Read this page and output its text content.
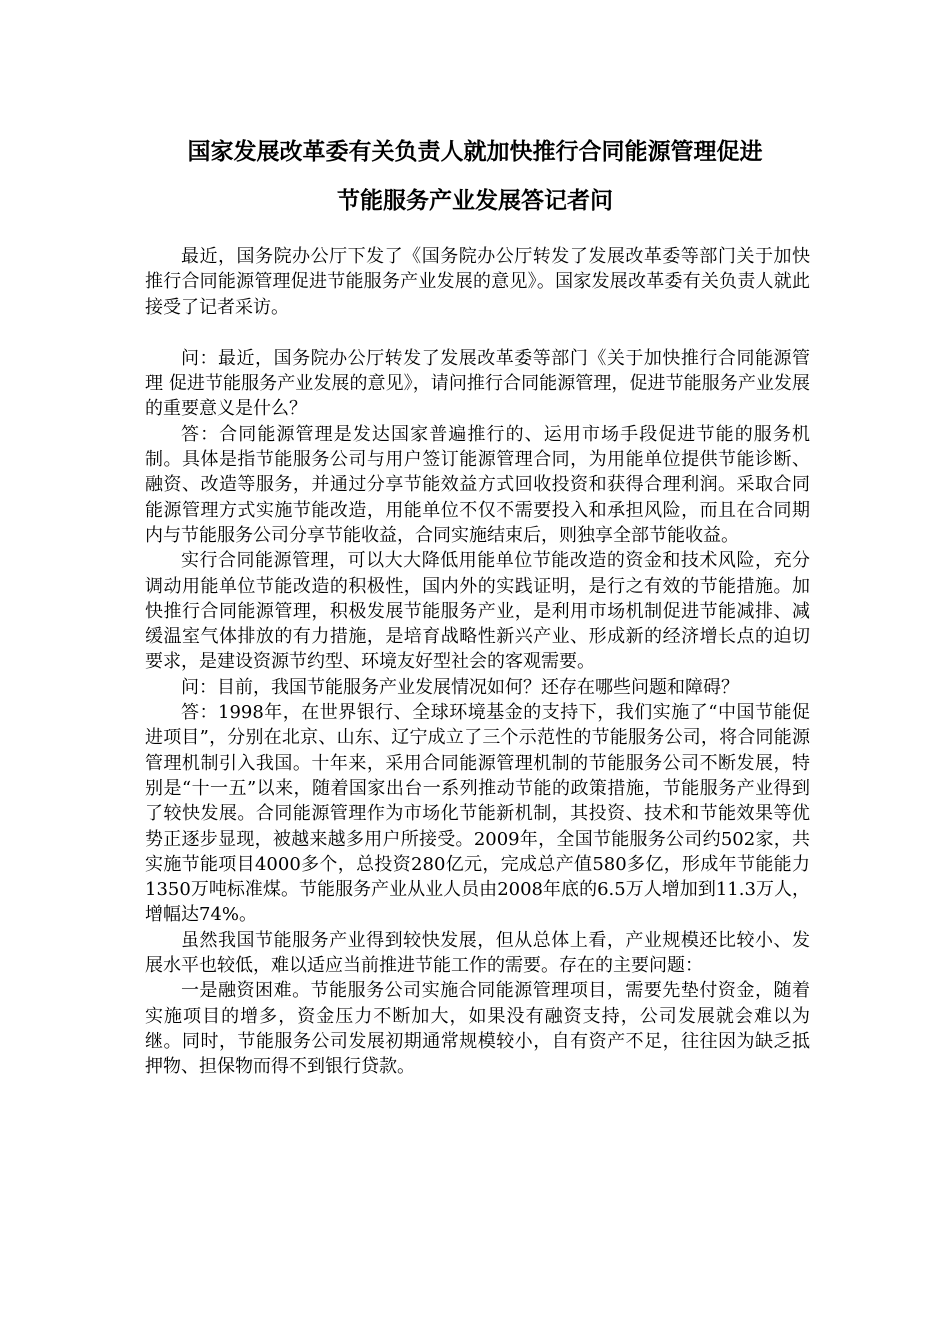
国家发展改革委有关负责人就加快推行合同能源管理促进
节能服务产业发展答记者问

最近，国务院办公厅下发了《国务院办公厅转发了发展改革委等部门关于加快推行合同能源管理促进节能服务产业发展的意见》。国家发展改革委有关负责人就此接受了记者采访。

问：最近，国务院办公厅转发了发展改革委等部门《关于加快推行合同能源管理 促进节能服务产业发展的意见》，请问推行合同能源管理，促进节能服务产业发展的重要意义是什么？

答：合同能源管理是发达国家普遍推行的、运用市场手段促进节能的服务机制。具体是指节能服务公司与用户签订能源管理合同，为用能单位提供节能诊断、融资、改造等服务，并通过分享节能效益方式回收投资和获得合理利润。采取合同能源管理方式实施节能改造，用能单位不仅不需要投入和承担风险，而且在合同期内与节能服务公司分享节能收益，合同实施结束后，则独享全部节能收益。

实行合同能源管理，可以大大降低用能单位节能改造的资金和技术风险，充分调动用能单位节能改造的积极性，国内外的实践证明，是行之有效的节能措施。加快推行合同能源管理，积极发展节能服务产业，是利用市场机制促进节能减排、减缓温室气体排放的有力措施，是培育战略性新兴产业、形成新的经济增长点的迫切要求，是建设资源节约型、环境友好型社会的客观需要。

问：目前，我国节能服务产业发展情况如何？还存在哪些问题和障碍？

答：1998年，在世界银行、全球环境基金的支持下，我们实施了“中国节能促进项目”，分别在北京、山东、辽宁成立了三个示范性的节能服务公司，将合同能源管理机制引入我国。十年来，采用合同能源管理机制的节能服务公司不断发展，特别是“十一五”以来，随着国家出台一系列推动节能的政策措施，节能服务产业得到了较快发展。合同能源管理作为市场化节能新机制，其投资、技术和节能效果等优势正逐步显现，被越来越多用户所接受。2009年，全国节能服务公司约502家，共实施节能项目4000多个，总投资280亿元，完成总产值580多亿，形成年节能能力1350万吨标准煤。节能服务产业从业人员由2008年底的6.5万人增加到11.3万人，增幅达74%。

虽然我国节能服务产业得到较快发展，但从总体上看，产业规模还比较小、发展水平也较低，难以适应当前推进节能工作的需要。存在的主要问题：

一是融资困难。节能服务公司实施合同能源管理项目，需要先垫付资金，随着实施项目的增多，资金压力不断加大，如果没有融资支持，公司发展就会难以为继。同时，节能服务公司发展初期通常规模较小，自有资产不足，往往因为缺乏抵押物、担保物而得不到银行贷款。
